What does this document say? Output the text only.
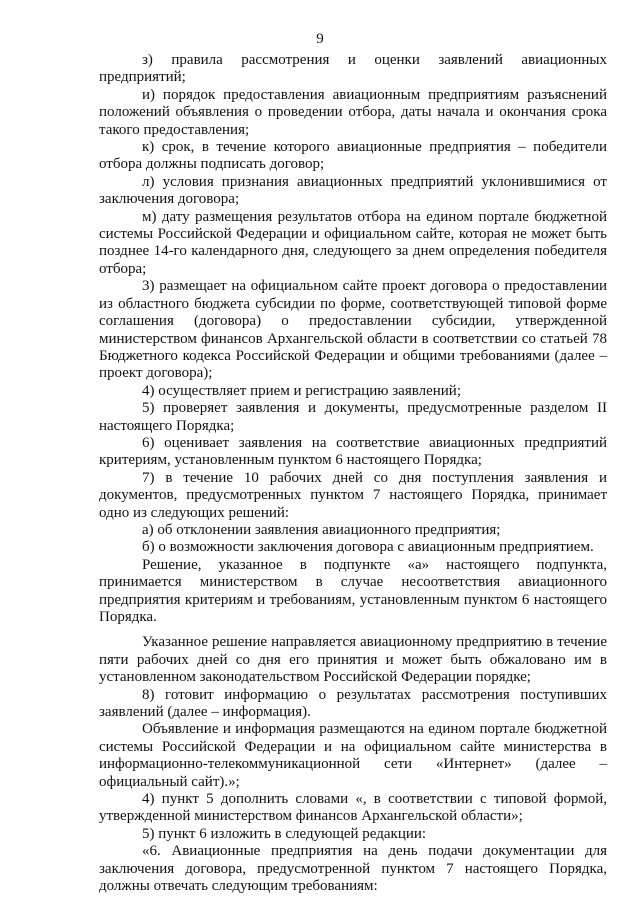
9

з) правила рассмотрения и оценки заявлений авиационных предприятий;

и) порядок предоставления авиационным предприятиям разъяснений положений объявления о проведении отбора, даты начала и окончания срока такого предоставления;

к) срок, в течение которого авиационные предприятия – победители отбора должны подписать договор;

л) условия признания авиационных предприятий уклонившимися от заключения договора;

м) дату размещения результатов отбора на едином портале бюджетной системы Российской Федерации и официальном сайте, которая не может быть позднее 14-го календарного дня, следующего за днем определения победителя отбора;

3) размещает на официальном сайте проект договора о предоставлении из областного бюджета субсидии по форме, соответствующей типовой форме соглашения (договора) о предоставлении субсидии, утвержденной министерством финансов Архангельской области в соответствии со статьей 78 Бюджетного кодекса Российской Федерации и общими требованиями (далее – проект договора);

4) осуществляет прием и регистрацию заявлений;

5) проверяет заявления и документы, предусмотренные разделом II настоящего Порядка;

6) оценивает заявления на соответствие авиационных предприятий критериям, установленным пунктом 6 настоящего Порядка;

7) в течение 10 рабочих дней со дня поступления заявления и документов, предусмотренных пунктом 7 настоящего Порядка, принимает одно из следующих решений:

а) об отклонении заявления авиационного предприятия;

б) о возможности заключения договора с авиационным предприятием.

Решение, указанное в подпункте «а» настоящего подпункта, принимается министерством в случае несоответствия авиационного предприятия критериям и требованиям, установленным пунктом 6 настоящего Порядка.

Указанное решение направляется авиационному предприятию в течение пяти рабочих дней со дня его принятия и может быть обжаловано им в установленном законодательством Российской Федерации порядке;

8) готовит информацию о результатах рассмотрения поступивших заявлений (далее – информация).

Объявление и информация размещаются на едином портале бюджетной системы Российской Федерации и на официальном сайте министерства в информационно-телекоммуникационной сети «Интернет» (далее – официальный сайт).»;

4) пункт 5 дополнить словами «, в соответствии с типовой формой, утвержденной министерством финансов Архангельской области»;

5) пункт 6 изложить в следующей редакции:

«6. Авиационные предприятия на день подачи документации для заключения договора, предусмотренной пунктом 7 настоящего Порядка, должны отвечать следующим требованиям:
